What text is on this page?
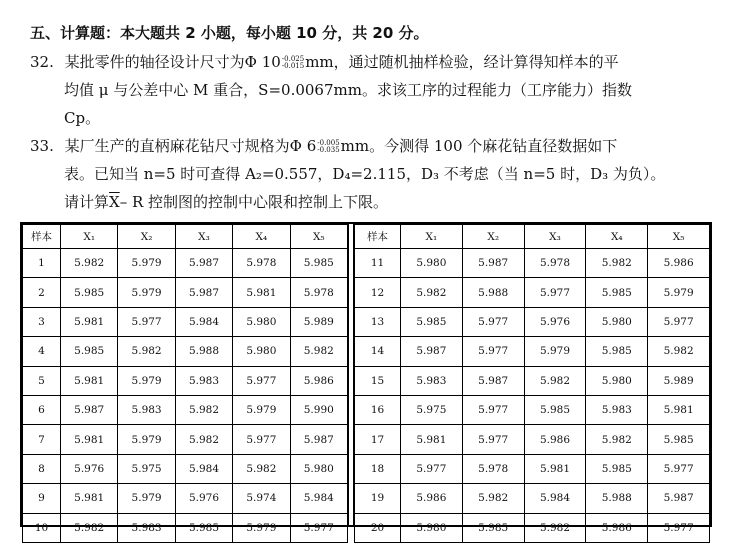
五、计算题：本大题共 2 小题，每小题 10 分，共 20 分。
32. 某批零件的轴径设计尺寸为Φ 10 -0.025
-0.015 mm，通过随机抽样检验，经计算得知样本的平
均值 μ 与公差中心 M 重合，S=0.0067mm。求该工序的过程能力（工序能力）指数
Cp。
33. 某厂生产的直柄麻花钻尺寸规格为Φ 6 -0.005
-0.035 mm。今测得 100 个麻花钻直径数据如下
表。已知当 n=5 时可查得 A₂=0.557，D₄=2.115，D₃ 不考虑（当 n=5 时，D₃ 为负）。
请计算$\overline{X}-$ R 控制图的控制中心限和控制上下限。
样本	X₁	X₂	X₃	X₄	X₅
1	5.982	5.979	5.987	5.978	5.985
2	5.985	5.979	5.987	5.981	5.978
3	5.981	5.977	5.984	5.980	5.989
4	5.985	5.982	5.988	5.980	5.982
5	5.981	5.979	5.983	5.977	5.986
6	5.987	5.983	5.982	5.979	5.990
7	5.981	5.979	5.982	5.977	5.987
8	5.976	5.975	5.984	5.982	5.980
9	5.981	5.979	5.976	5.974	5.984
10	5.982	5.983	5.985	5.979	5.977
样本	X₁	X₂	X₃	X₄	X₅
11	5.980	5.987	5.978	5.982	5.986
12	5.982	5.988	5.977	5.985	5.979
13	5.985	5.977	5.976	5.980	5.977
14	5.987	5.977	5.979	5.985	5.982
15	5.983	5.987	5.982	5.980	5.989
16	5.975	5.977	5.985	5.983	5.981
17	5.981	5.977	5.986	5.982	5.985
18	5.977	5.978	5.981	5.985	5.977
19	5.986	5.982	5.984	5.988	5.987
20	5.980	5.985	5.982	5.986	5.977
